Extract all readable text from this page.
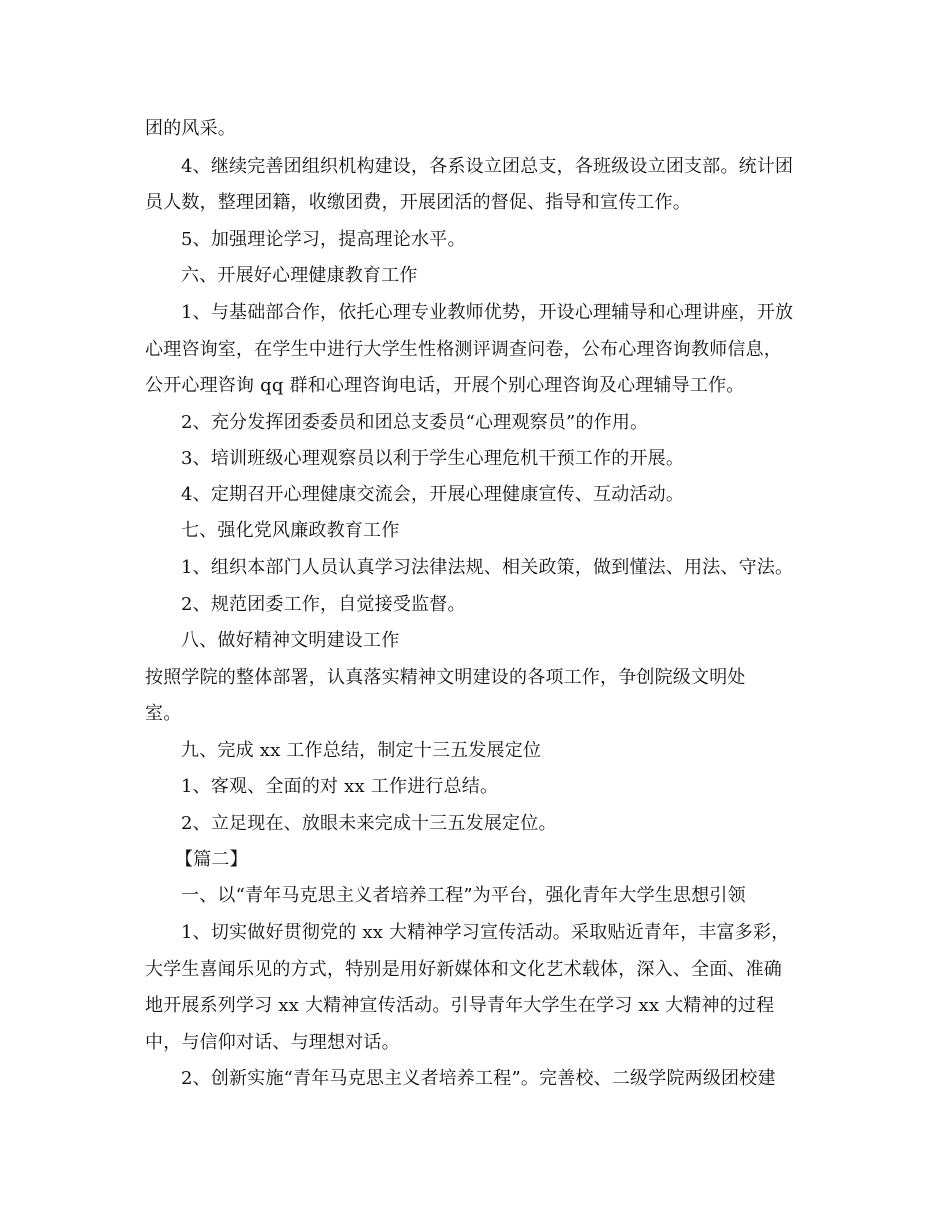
团的风采。
4、继续完善团组织机构建设，各系设立团总支，各班级设立团支部。统计团
员人数，整理团籍，收缴团费，开展团活的督促、指导和宣传工作。
5、加强理论学习，提高理论水平。
六、开展好心理健康教育工作
1、与基础部合作，依托心理专业教师优势，开设心理辅导和心理讲座，开放
心理咨询室，在学生中进行大学生性格测评调查问卷，公布心理咨询教师信息，
公开心理咨询 qq 群和心理咨询电话，开展个别心理咨询及心理辅导工作。
2、充分发挥团委委员和团总支委员“心理观察员”的作用。
3、培训班级心理观察员以利于学生心理危机干预工作的开展。
4、定期召开心理健康交流会，开展心理健康宣传、互动活动。
七、强化党风廉政教育工作
1、组织本部门人员认真学习法律法规、相关政策，做到懂法、用法、守法。
2、规范团委工作，自觉接受监督。
八、做好精神文明建设工作
按照学院的整体部署，认真落实精神文明建设的各项工作，争创院级文明处
室。
九、完成 xx 工作总结，制定十三五发展定位
1、客观、全面的对 xx 工作进行总结。
2、立足现在、放眼未来完成十三五发展定位。
【篇二】
一、以“青年马克思主义者培养工程”为平台，强化青年大学生思想引领
1、切实做好贯彻党的 xx 大精神学习宣传活动。采取贴近青年，丰富多彩，
大学生喜闻乐见的方式，特别是用好新媒体和文化艺术载体，深入、全面、准确
地开展系列学习 xx 大精神宣传活动。引导青年大学生在学习 xx 大精神的过程
中，与信仰对话、与理想对话。
2、创新实施“青年马克思主义者培养工程”。完善校、二级学院两级团校建
